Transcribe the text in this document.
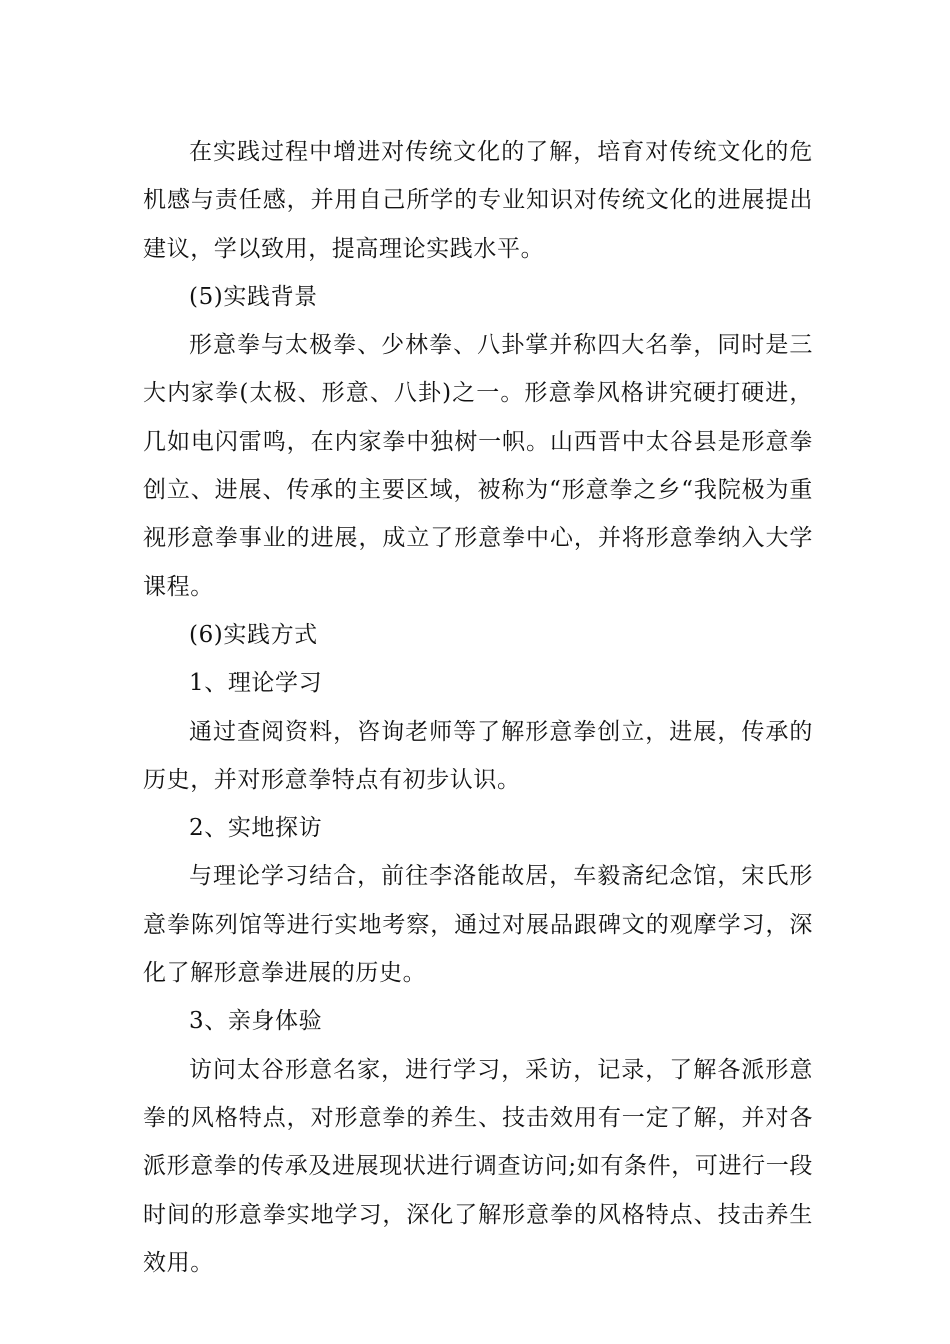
在实践过程中增进对传统文化的了解，培育对传统文化的危机感与责任感，并用自己所学的专业知识对传统文化的进展提出建议，学以致用，提高理论实践水平。

(5)实践背景

形意拳与太极拳、少林拳、八卦掌并称四大名拳，同时是三大内家拳(太极、形意、八卦)之一。形意拳风格讲究硬打硬进，几如电闪雷鸣，在内家拳中独树一帜。山西晋中太谷县是形意拳创立、进展、传承的主要区域，被称为“形意拳之乡“我院极为重视形意拳事业的进展，成立了形意拳中心，并将形意拳纳入大学课程。

(6)实践方式

1、理论学习

通过查阅资料，咨询老师等了解形意拳创立，进展，传承的历史，并对形意拳特点有初步认识。

2、实地探访

与理论学习结合，前往李洛能故居，车毅斋纪念馆，宋氏形意拳陈列馆等进行实地考察，通过对展品跟碑文的观摩学习，深化了解形意拳进展的历史。

3、亲身体验

访问太谷形意名家，进行学习，采访，记录，了解各派形意拳的风格特点，对形意拳的养生、技击效用有一定了解，并对各派形意拳的传承及进展现状进行调查访问;如有条件，可进行一段时间的形意拳实地学习，深化了解形意拳的风格特点、技击养生效用。
